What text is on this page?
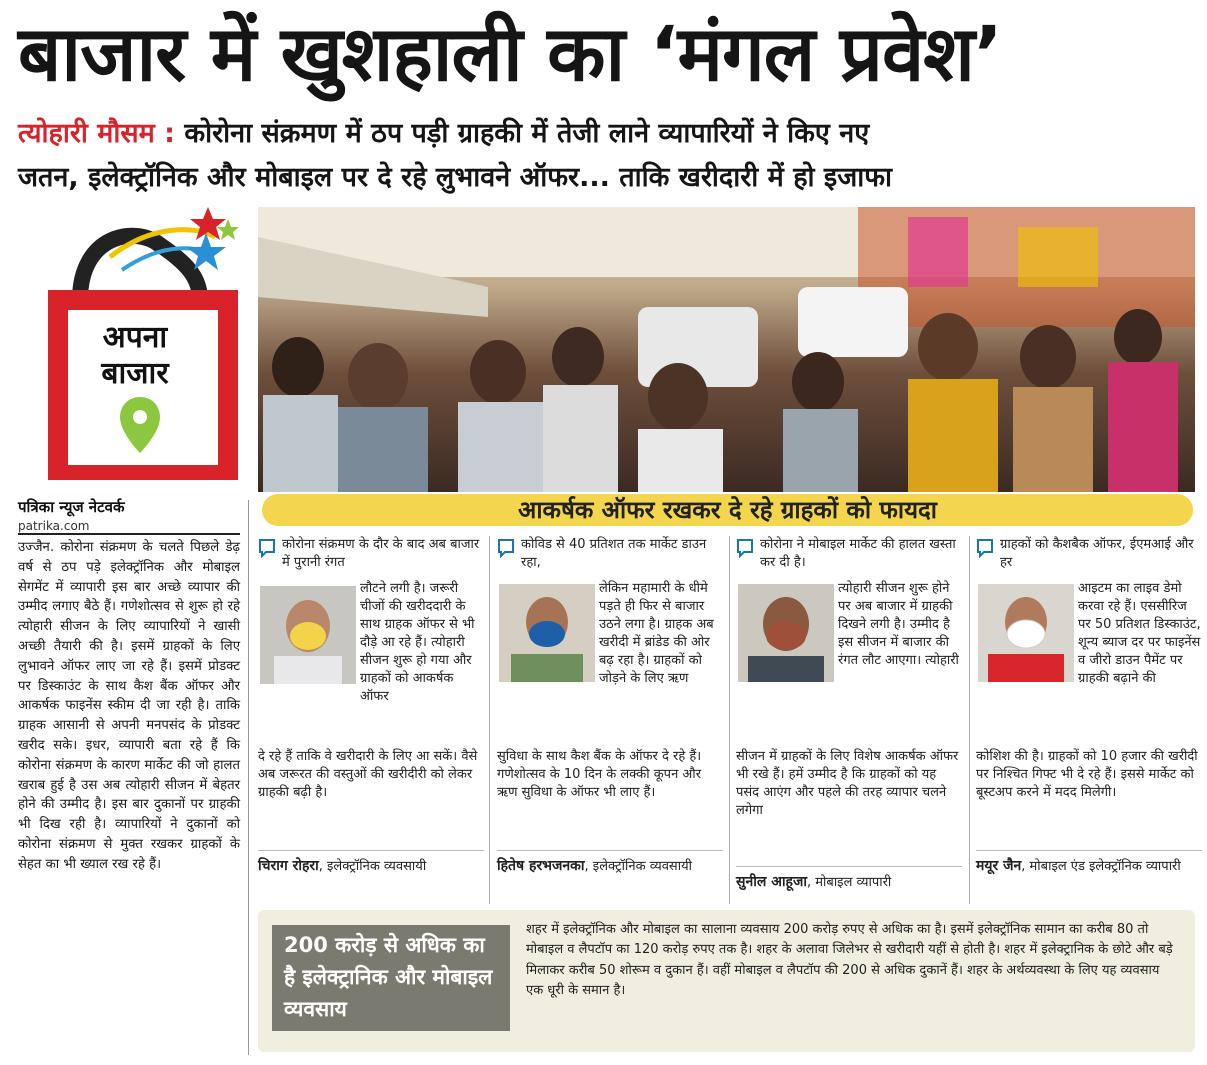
बाजार में खुशहाली का ‘मंगल प्रवेश’
त्योहारी मौसम : कोरोना संक्रमण में ठप पड़ी ग्राहकी में तेजी लाने व्यापारियों ने किए नए
जतन, इलेक्ट्रॉनिक और मोबाइल पर दे रहे लुभावने ऑफर... ताकि खरीदारी में हो इजाफा
अपना
बाजार
पत्रिका न्यूज नेटवर्क
patrika.com
उज्जैन. कोरोना संक्रमण के चलते पिछले डेढ़ वर्ष से ठप पड़े इलेक्ट्रॉनिक और मोबाइल सेगमेंट में व्यापारी इस बार अच्छे व्यापार की उम्मीद लगाए बैठे हैं। गणेशोत्सव से शुरू हो रहे त्योहारी सीजन के लिए व्यापारियों ने खासी अच्छी तैयारी की है। इसमें ग्राहकों के लिए लुभावने ऑफर लाए जा रहे हैं। इसमें प्रोडक्ट पर डिस्काउंट के साथ कैश बैंक ऑफर और आकर्षक फाइनेंस स्कीम दी जा रही है। ताकि ग्राहक आसानी से अपनी मनपसंद के प्रोडक्ट खरीद सके। इधर, व्यापारी बता रहे हैं कि कोरोना संक्रमण के कारण मार्केट की जो हालत खराब हुई है उस अब त्योहारी सीजन में बेहतर होने की उम्मीद है। इस बार दुकानों पर ग्राहकी भी दिख रही है। व्यापारियों ने दुकानों को कोरोना संक्रमण से मुक्त रखकर ग्राहकों के सेहत का भी ख्याल रख रहे हैं।
आकर्षक ऑफर रखकर दे रहे ग्राहकों को फायदा
कोरोना संक्रमण के दौर के बाद अब बाजार में पुरानी रंगत
लौटने लगी है। जरूरी चीजों की खरीददारी के साथ ग्राहक ऑफर से भी दौड़े आ रहे हैं। त्योहारी सीजन शुरू हो गया और ग्राहकों को आकर्षक ऑफर
दे रहे हैं ताकि वे खरीदारी के लिए आ सकें। वैसे अब जरूरत की वस्तुओं की खरीदीरी को लेकर ग्राहकी बढ़ी है।
चिराग रोहरा, इलेक्ट्रॉनिक व्यवसायी
कोविड से 40 प्रतिशत तक मार्केट डाउन रहा,
लेकिन महामारी के धीमे पड़ते ही फिर से बाजार उठने लगा है। ग्राहक अब खरीदी में ब्रांडेड की ओर बढ़ रहा है। ग्राहकों को जोड़ने के लिए ऋण
सुविधा के साथ कैश बैंक के ऑफर दे रहे हैं। गणेशोत्सव के 10 दिन के लक्की कूपन और ऋण सुविधा के ऑफर भी लाए हैं।
हितेष हरभजनका, इलेक्ट्रॉनिक व्यवसायी
कोरोना ने मोबाइल मार्केट की हालत खस्ता कर दी है।
त्योहारी सीजन शुरू होने पर अब बाजार में ग्राहकी दिखने लगी है। उम्मीद है इस सीजन में बाजार की रंगत लौट आएगा। त्योहारी
सीजन में ग्राहकों के लिए विशेष आकर्षक ऑफर भी रखे हैं। हमें उम्मीद है कि ग्राहकों को यह पसंद आएंग और पहले की तरह व्यापार चलने लगेगा
सुनील आहूजा, मोबाइल व्यापारी
ग्राहकों को कैशबैक ऑफर, ईएमआई और हर
आइटम का लाइव डेमो करवा रहे हैं। एससीरिज पर 50 प्रतिशत डिस्काउंट, शून्य ब्याज दर पर फाइनेंस व जीरो डाउन पैमेंट पर ग्राहकी बढ़ाने की
कोशिश की है। ग्राहकों को 10 हजार की खरीदी पर निश्चित गिफ्ट भी दे रहे हैं। इससे मार्केट को बूस्टअप करने में मदद मिलेगी।
मयूर जैन, मोबाइल एंड इलेक्ट्रॉनिक व्यापारी
200 करोड़ से अधिक का है इलेक्ट्रानिक और मोबाइल व्यवसाय
शहर में इलेक्ट्रॉनिक और मोबाइल का सालाना व्यवसाय 200 करोड़ रुपए से अधिक का है। इसमें इलेक्ट्रॉनिक सामान का करीब 80 तो मोबाइल व लैपटॉप का 120 करोड़ रुपए तक है। शहर के अलावा जिलेभर से खरीदारी यहीं से होती है। शहर में इलेक्ट्रानिक के छोटे और बड़े मिलाकर करीब 50 शोरूम व दुकान हैं। वहीं मोबाइल व लैपटॉप की 200 से अधिक दुकानें हैं। शहर के अर्थव्यवस्था के लिए यह व्यवसाय एक धूरी के समान है।
